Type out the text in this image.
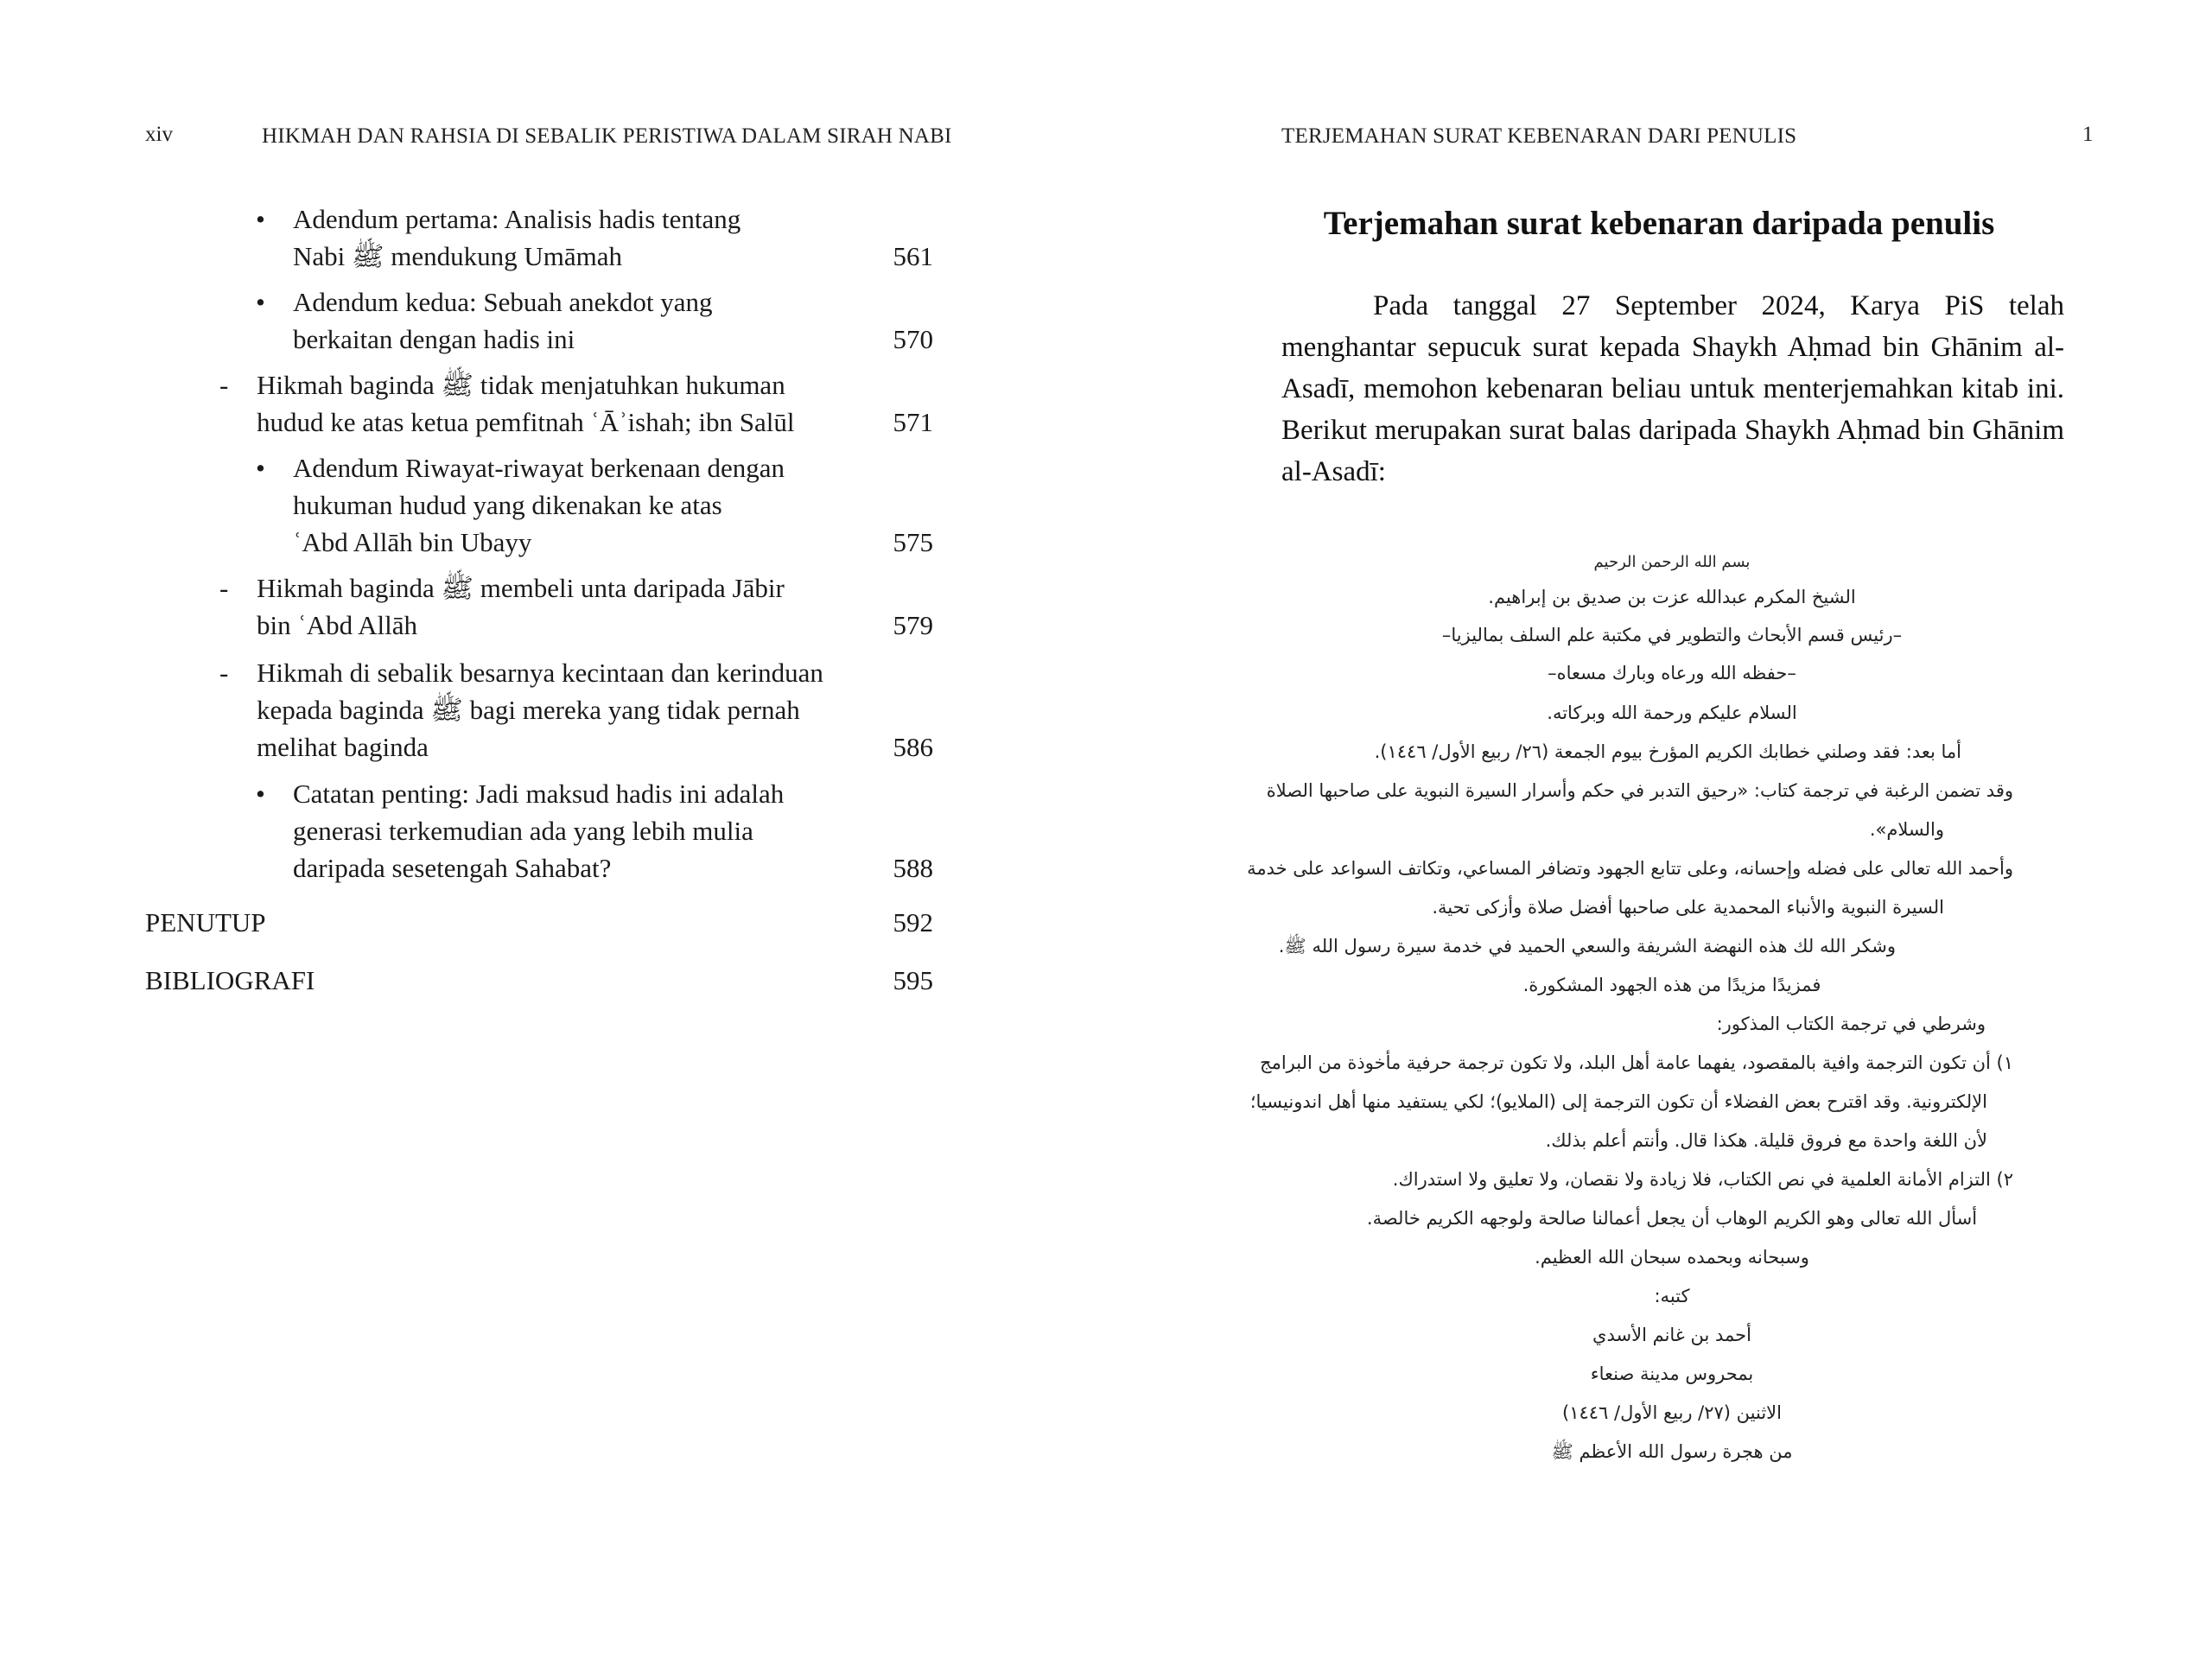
xiv	HIKMAH DAN RAHSIA DI SEBALIK PERISTIWA DALAM SIRAH NABI
• Adendum pertama: Analisis hadis tentang
Nabi ﷺ mendukung Umāmah	561
• Adendum kedua: Sebuah anekdot yang
berkaitan dengan hadis ini	570
- Hikmah baginda ﷺ tidak menjatuhkan hukuman
hudud ke atas ketua pemfitnah ʿĀʾishah; ibn Salūl	571
• Adendum Riwayat-riwayat berkenaan dengan
hukuman hudud yang dikenakan ke atas
ʿAbd Allāh bin Ubayy	575
- Hikmah baginda ﷺ membeli unta daripada Jābir
bin ʿAbd Allāh	579
- Hikmah di sebalik besarnya kecintaan dan kerinduan
kepada baginda ﷺ bagi mereka yang tidak pernah
melihat baginda	586
• Catatan penting: Jadi maksud hadis ini adalah
generasi terkemudian ada yang lebih mulia
daripada sesetengah Sahabat?	588
PENUTUP	592
BIBLIOGRAFI	595
TERJEMAHAN SURAT KEBENARAN DARI PENULIS	1
Terjemahan surat kebenaran daripada penulis

Pada tanggal 27 September 2024, Karya PiS telah menghantar sepucuk surat kepada Shaykh Aḥmad bin Ghānim al-Asadī, memohon kebenaran beliau untuk menterjemahkan kitab ini. Berikut merupakan surat balas daripada Shaykh Aḥmad bin Ghānim al-Asadī:

بسم الله الرحمن الرحيم
الشيخ المكرم عبدالله عزت بن صديق بن إبراهيم.
–رئيس قسم الأبحاث والتطوير في مكتبة علم السلف بماليزيا–
–حفظه الله ورعاه وبارك مسعاه–
السلام عليكم ورحمة الله وبركاته.
أما بعد: فقد وصلني خطابك الكريم المؤرخ بيوم الجمعة (٢٦/ ربيع الأول/ ١٤٤٦).
وقد تضمن الرغبة في ترجمة كتاب: «رحيق التدبر في حكم وأسرار السيرة النبوية على صاحبها الصلاة
والسلام».
وأحمد الله تعالى على فضله وإحسانه، وعلى تتابع الجهود وتضافر المساعي، وتكاتف السواعد على خدمة
السيرة النبوية والأنباء المحمدية على صاحبها أفضل صلاة وأزكى تحية.
وشكر الله لك هذه النهضة الشريفة والسعي الحميد في خدمة سيرة رسول الله ﷺ.
فمزيدًا مزيدًا من هذه الجهود المشكورة.
وشرطي في ترجمة الكتاب المذكور:
١) أن تكون الترجمة وافية بالمقصود، يفهما عامة أهل البلد، ولا تكون ترجمة حرفية مأخوذة من البرامج
الإلكترونية. وقد اقترح بعض الفضلاء أن تكون الترجمة إلى (الملايو)؛ لكي يستفيد منها أهل اندونيسيا؛
لأن اللغة واحدة مع فروق قليلة. هكذا قال. وأنتم أعلم بذلك.
٢) التزام الأمانة العلمية في نص الكتاب، فلا زيادة ولا نقصان، ولا تعليق ولا استدراك.
أسأل الله تعالى وهو الكريم الوهاب أن يجعل أعمالنا صالحة ولوجهه الكريم خالصة.
وسبحانه وبحمده سبحان الله العظيم.
كتبه:
أحمد بن غانم الأسدي
بمحروس مدينة صنعاء
الاثنين (٢٧/ ربيع الأول/ ١٤٤٦)
من هجرة رسول الله الأعظم ﷺ
